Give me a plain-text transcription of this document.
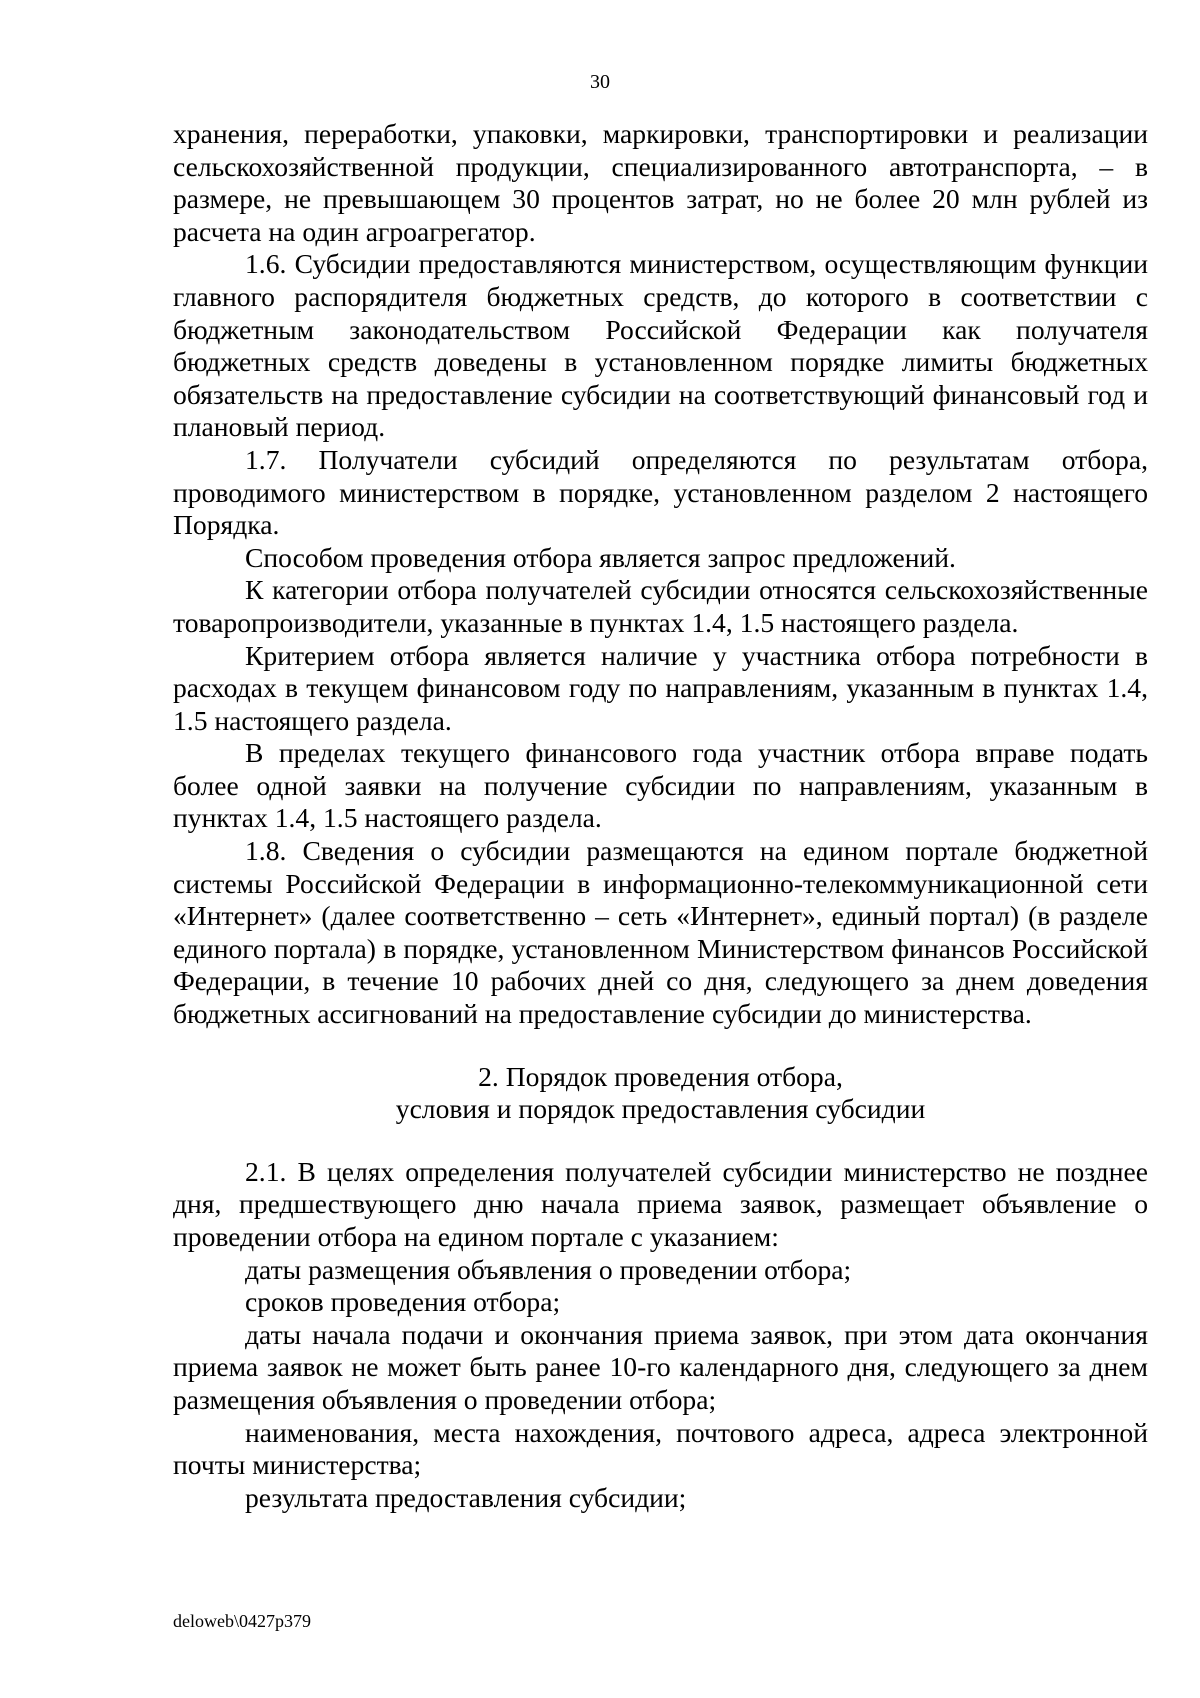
30

хранения, переработки, упаковки, маркировки, транспортировки и реализации сельскохозяйственной продукции, специализированного автотранспорта, – в размере, не превышающем 30 процентов затрат, но не более 20 млн рублей из расчета на один агроагрегатор.

1.6. Субсидии предоставляются министерством, осуществляющим функции главного распорядителя бюджетных средств, до которого в соответствии с бюджетным законодательством Российской Федерации как получателя бюджетных средств доведены в установленном порядке лимиты бюджетных обязательств на предоставление субсидии на соответствующий финансовый год и плановый период.

1.7. Получатели субсидий определяются по результатам отбора, проводимого министерством в порядке, установленном разделом 2 настоящего Порядка.

Способом проведения отбора является запрос предложений.

К категории отбора получателей субсидии относятся сельскохозяйственные товаропроизводители, указанные в пунктах 1.4, 1.5 настоящего раздела.

Критерием отбора является наличие у участника отбора потребности в расходах в текущем финансовом году по направлениям, указанным в пунктах 1.4, 1.5 настоящего раздела.

В пределах текущего финансового года участник отбора вправе подать более одной заявки на получение субсидии по направлениям, указанным в пунктах 1.4, 1.5 настоящего раздела.

1.8. Сведения о субсидии размещаются на едином портале бюджетной системы Российской Федерации в информационно-телекоммуникационной сети «Интернет» (далее соответственно – сеть «Интернет», единый портал) (в разделе единого портала) в порядке, установленном Министерством финансов Российской Федерации, в течение 10 рабочих дней со дня, следующего за днем доведения бюджетных ассигнований на предоставление субсидии до министерства.

2. Порядок проведения отбора,
условия и порядок предоставления субсидии

2.1. В целях определения получателей субсидии министерство не позднее дня, предшествующего дню начала приема заявок, размещает объявление о проведении отбора на едином портале с указанием:

даты размещения объявления о проведении отбора;

сроков проведения отбора;

даты начала подачи и окончания приема заявок, при этом дата окончания приема заявок не может быть ранее 10-го календарного дня, следующего за днем размещения объявления о проведении отбора;

наименования, места нахождения, почтового адреса, адреса электронной почты министерства;

результата предоставления субсидии;

deloweb\0427p379
